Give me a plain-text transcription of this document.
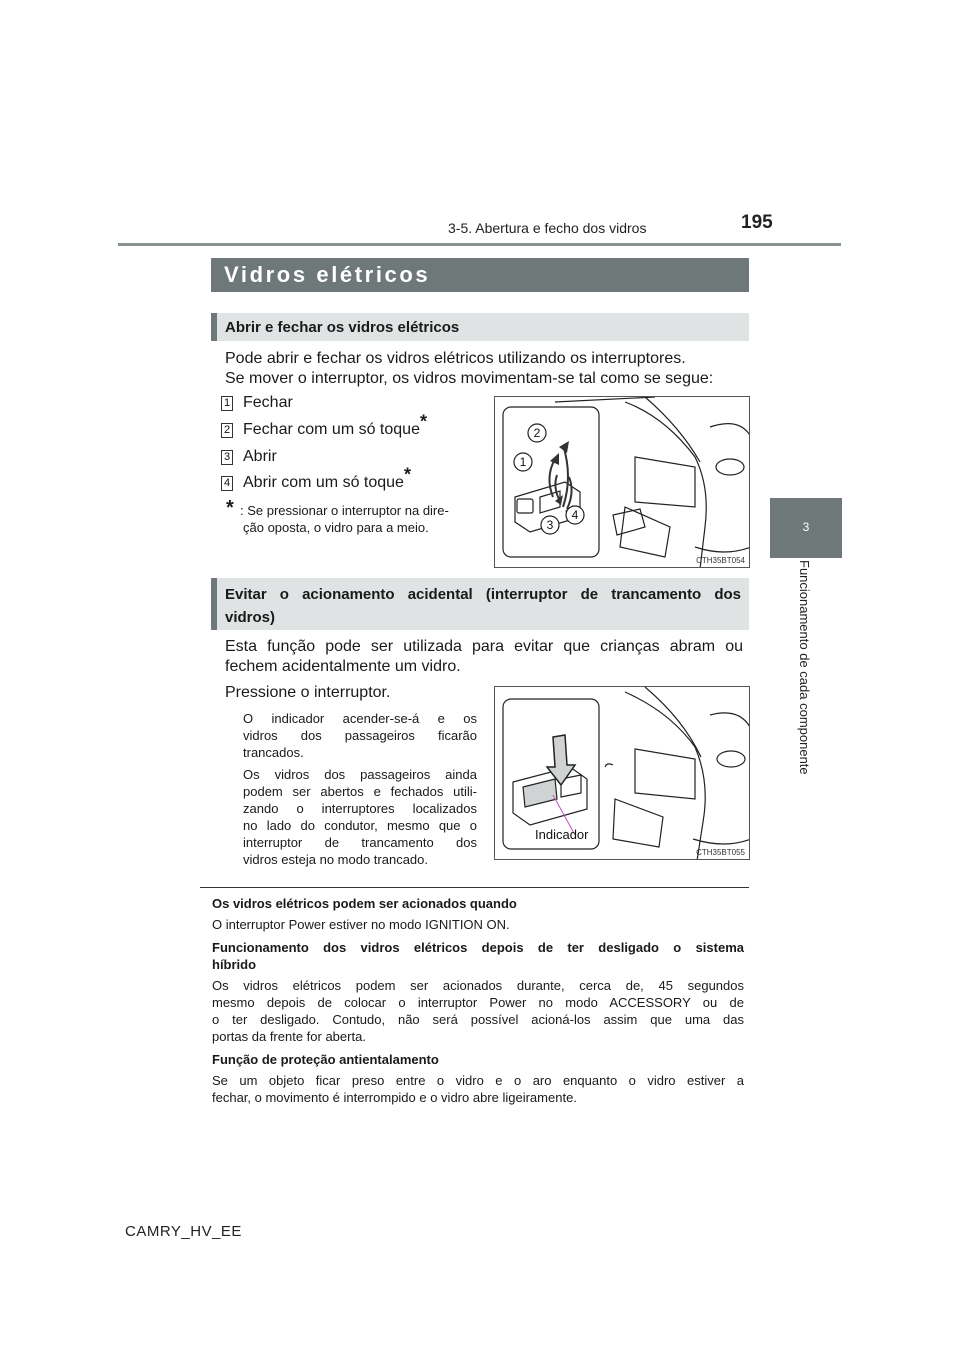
3-5. Abertura e fecho dos vidros	195
3
Funcionamento de cada componente
Vidros elétricos
Abrir e fechar os vidros elétricos
Pode abrir e fechar os vidros elétricos utilizando os interruptores.
Se mover o interruptor, os vidros movimentam-se tal como se segue:
1 Fechar
2 Fechar com um só toque*
3 Abrir
4 Abrir com um só toque*
* : Se pressionar o interruptor na dire-
ção oposta, o vidro para a meio.
2
1
3
4
CTH35BT054
Evitar o acionamento acidental (interruptor de trancamento dos
vidros)
Esta função pode ser utilizada para evitar que crianças abram ou
fechem acidentalmente um vidro.
Pressione o interruptor.
O indicador acender-se-á e os
vidros dos passageiros ficarão
trancados.
Os vidros dos passageiros ainda
podem ser abertos e fechados utili-
zando o interruptores localizados
no lado do condutor, mesmo que o
interruptor de trancamento dos
vidros esteja no modo trancado.
Indicador
CTH35BT055
Os vidros elétricos podem ser acionados quando
O interruptor Power estiver no modo IGNITION ON.
Funcionamento dos vidros elétricos depois de ter desligado o sistema
híbrido
Os vidros elétricos podem ser acionados durante, cerca de, 45 segundos
mesmo depois de colocar o interruptor Power no modo ACCESSORY ou de
o ter desligado. Contudo, não será possível acioná-los assim que uma das
portas da frente for aberta.
Função de proteção antientalamento
Se um objeto ficar preso entre o vidro e o aro enquanto o vidro estiver a
fechar, o movimento é interrompido e o vidro abre ligeiramente.
CAMRY_HV_EE
